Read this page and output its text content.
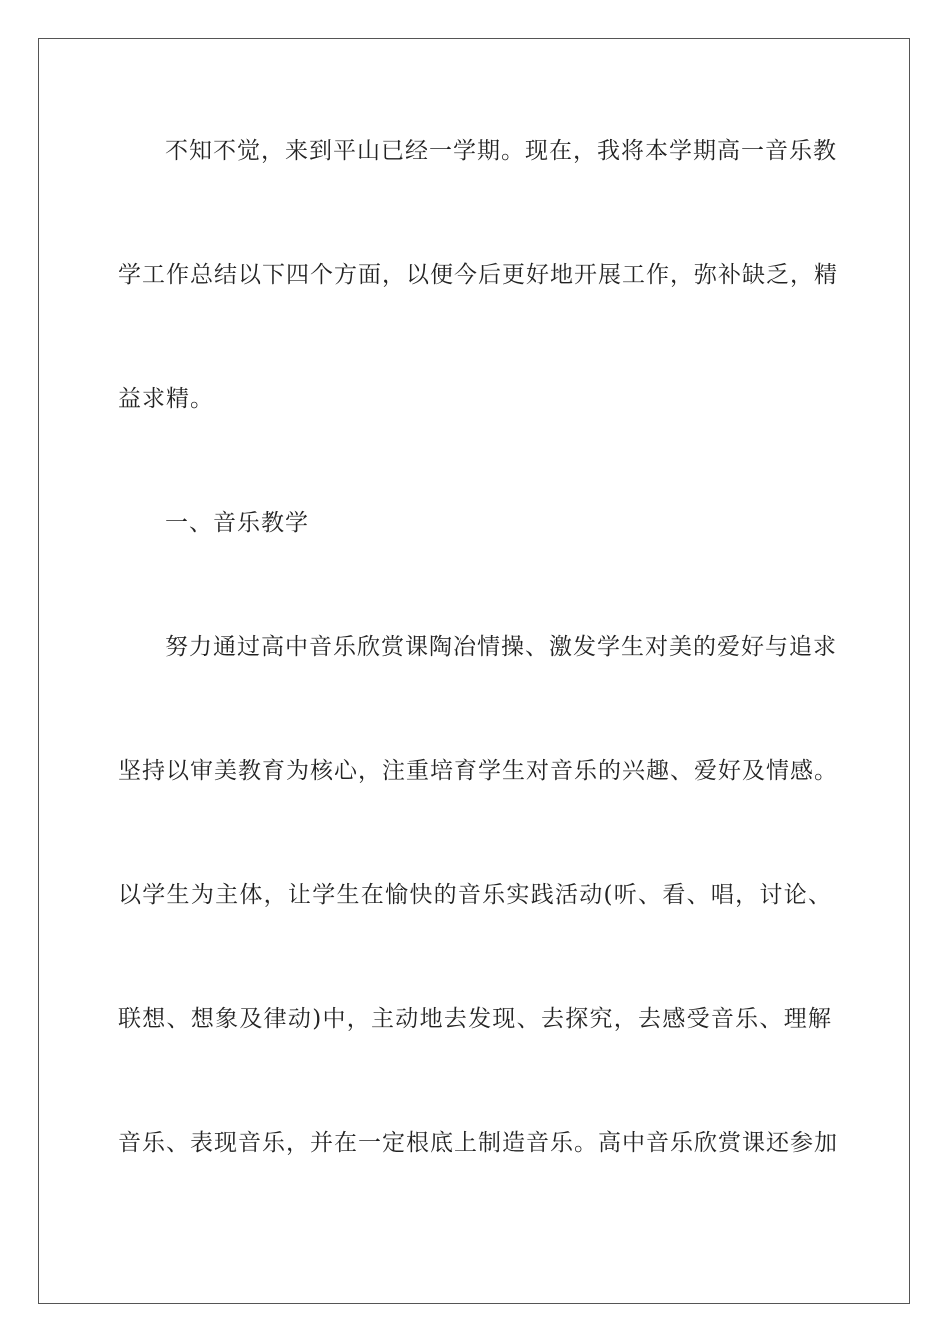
不知不觉，来到平山已经一学期。现在，我将本学期高一音乐教
学工作总结以下四个方面，以便今后更好地开展工作，弥补缺乏，精
益求精。
一、音乐教学
努力通过高中音乐欣赏课陶冶情操、激发学生对美的爱好与追求
坚持以审美教育为核心，注重培育学生对音乐的兴趣、爱好及情感。
以学生为主体，让学生在愉快的音乐实践活动(听、看、唱，讨论、
联想、想象及律动)中，主动地去发现、去探究，去感受音乐、理解
音乐、表现音乐，并在一定根底上制造音乐。高中音乐欣赏课还参加
